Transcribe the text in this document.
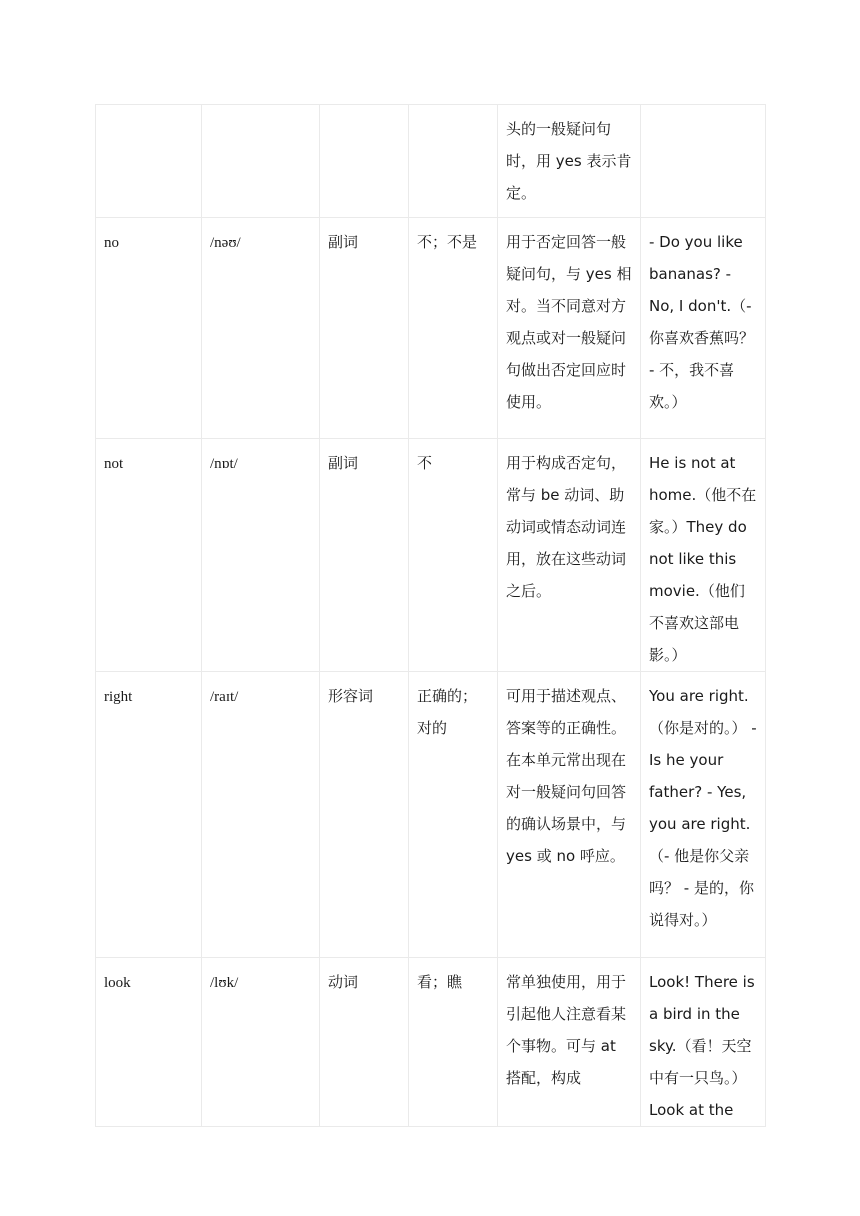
				头的一般疑问句时，用 yes 表示肯定。	
no	/nəʊ/	副词	不；不是	用于否定回答一般疑问句，与 yes 相对。当不同意对方观点或对一般疑问句做出否定回应时使用。	- Do you like bananas? - No, I don't.（- 你喜欢香蕉吗？ - 不，我不喜欢。）
not	/nɒt/	副词	不	用于构成否定句，常与 be 动词、助动词或情态动词连用，放在这些动词之后。	He is not at home.（他不在家。）They do not like this movie.（他们不喜欢这部电影。）
right	/raɪt/	形容词	正确的；对的	可用于描述观点、答案等的正确性。在本单元常出现在对一般疑问句回答的确认场景中，与 yes 或 no 呼应。	You are right.（你是对的。） - Is he your father? - Yes, you are right.（- 他是你父亲吗？ - 是的，你说得对。）
look	/lʊk/	动词	看；瞧	常单独使用，用于引起他人注意看某个事物。可与 at 搭配，构成	Look! There is a bird in the sky.（看！天空中有一只鸟。）Look at the
